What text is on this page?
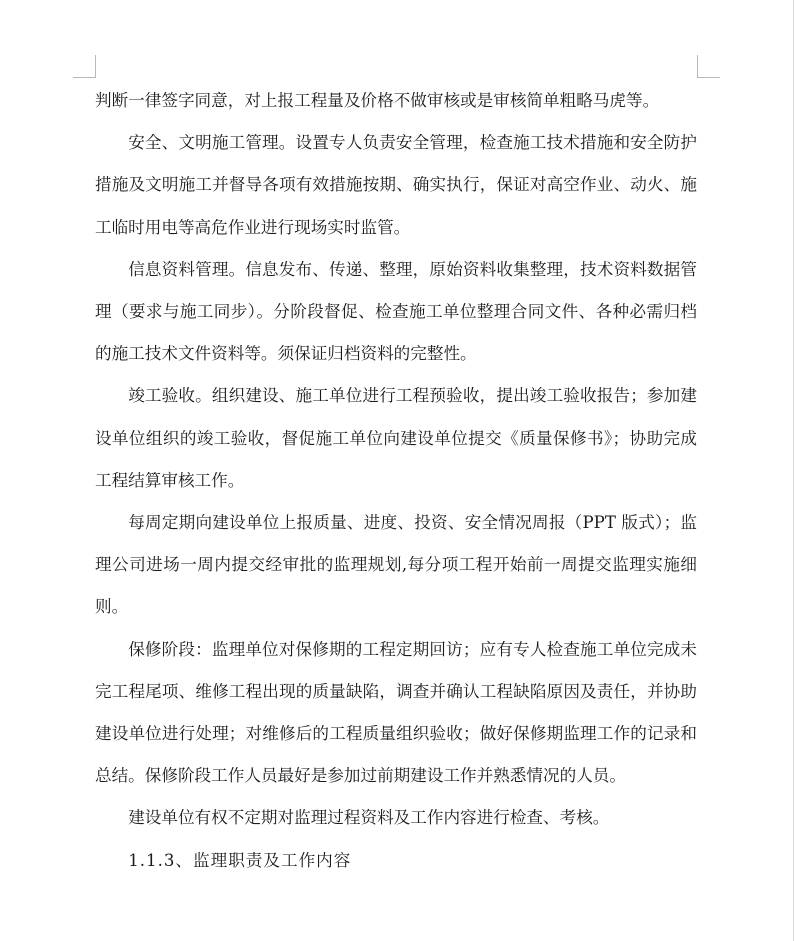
判断一律签字同意，对上报工程量及价格不做审核或是审核简单粗略马虎等。

安全、文明施工管理。设置专人负责安全管理，检查施工技术措施和安全防护措施及文明施工并督导各项有效措施按期、确实执行，保证对高空作业、动火、施工临时用电等高危作业进行现场实时监管。

信息资料管理。信息发布、传递、整理，原始资料收集整理，技术资料数据管理（要求与施工同步）。分阶段督促、检查施工单位整理合同文件、各种必需归档的施工技术文件资料等。须保证归档资料的完整性。

竣工验收。组织建设、施工单位进行工程预验收，提出竣工验收报告；参加建设单位组织的竣工验收，督促施工单位向建设单位提交《质量保修书》；协助完成工程结算审核工作。

每周定期向建设单位上报质量、进度、投资、安全情况周报（PPT 版式）；监理公司进场一周内提交经审批的监理规划,每分项工程开始前一周提交监理实施细则。

保修阶段：监理单位对保修期的工程定期回访；应有专人检查施工单位完成未完工程尾项、维修工程出现的质量缺陷，调查并确认工程缺陷原因及责任，并协助建设单位进行处理；对维修后的工程质量组织验收；做好保修期监理工作的记录和总结。保修阶段工作人员最好是参加过前期建设工作并熟悉情况的人员。

建设单位有权不定期对监理过程资料及工作内容进行检查、考核。

1.1.3、监理职责及工作内容
